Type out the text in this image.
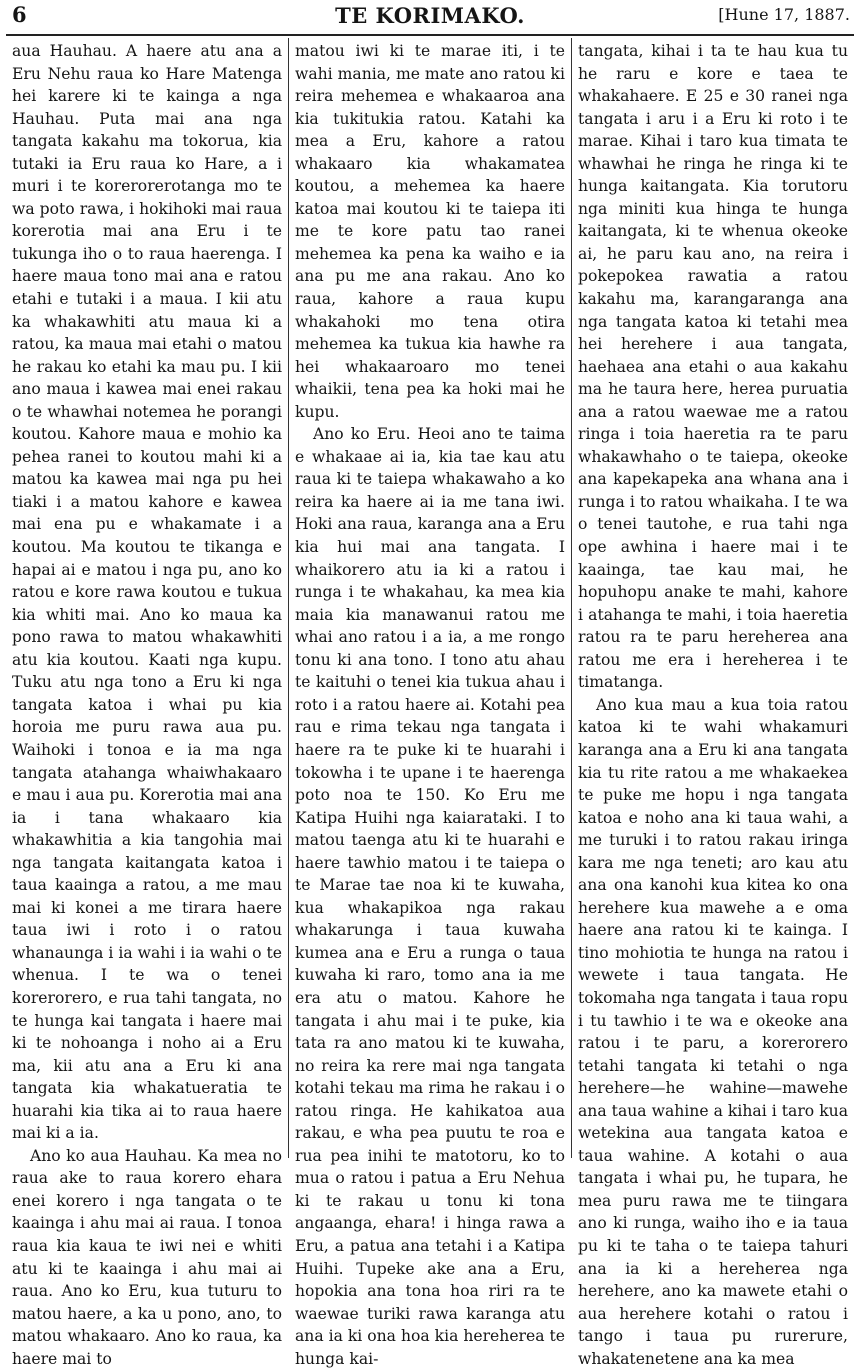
6	TE KORIMAKO.	[Hune 17, 1887.

aua Hauhau. A haere atu ana a Eru Nehu raua ko Hare Matenga hei karere ki te kainga a nga Hauhau. Puta mai ana nga tangata kakahu ma tokorua, kia tutaki ia Eru raua ko Hare, a i muri i te korerorerotanga mo te wa poto rawa, i hokihoki mai raua korerotia mai ana Eru i te tukunga iho o to raua haerenga. I haere maua tono mai ana e ratou etahi e tutaki i a maua. I kii atu ka whakawhiti atu maua ki a ratou, ka maua mai etahi o matou he rakau ko etahi ka mau pu. I kii ano maua i kawea mai enei rakau o te whawhai notemea he porangi koutou. Kahore maua e mohio ka pehea ranei to koutou mahi ki a matou ka kawea mai nga pu hei tiaki i a matou kahore e kawea mai ena pu e whakamate i a koutou. Ma koutou te tikanga e hapai ai e matou i nga pu, ano ko ratou e kore rawa koutou e tukua kia whiti mai. Ano ko maua ka pono rawa to matou whakawhiti atu kia koutou. Kaati nga kupu. Tuku atu nga tono a Eru ki nga tangata katoa i whai pu kia horoia me puru rawa aua pu. Waihoki i tonoa e ia ma nga tangata atahanga whaiwhakaaro e mau i aua pu. Korerotia mai ana ia i tana whakaaro kia whakawhitia a kia tangohia mai nga tangata kaitangata katoa i taua kaainga a ratou, a me mau mai ki konei a me tirara haere taua iwi i roto i o ratou whanaunga i ia wahi i ia wahi o te whenua. I te wa o tenei korerorero, e rua tahi tangata, no te hunga kai tangata i haere mai ki te nohoanga i noho ai a Eru ma, kii atu ana a Eru ki ana tangata kia whakatueratia te huarahi kia tika ai to raua haere mai ki a ia.

Ano ko aua Hauhau. Ka mea no raua ake to raua korero ehara enei korero i nga tangata o te kaainga i ahu mai ai raua. I tonoa raua kia kaua te iwi nei e whiti atu ki te kaainga i ahu mai ai raua. Ano ko Eru, kua tuturu to matou haere, a ka u pono, ano, to matou whakaaro. Ano ko raua, ka haere mai to

matou iwi ki te marae iti, i te wahi mania, me mate ano ratou ki reira mehemea e whakaaroa ana kia tukitukia ratou. Katahi ka mea a Eru, kahore a ratou whakaaro kia whakamatea koutou, a mehemea ka haere katoa mai koutou ki te taiepa iti me te kore patu tao ranei mehemea ka pena ka waiho e ia ana pu me ana rakau. Ano ko raua, kahore a raua kupu whakahoki mo tena otira mehemea ka tukua kia hawhe ra hei whakaaroaro mo tenei whaikii, tena pea ka hoki mai he kupu.

Ano ko Eru. Heoi ano te taima e whakaae ai ia, kia tae kau atu raua ki te taiepa whakawaho a ko reira ka haere ai ia me tana iwi. Hoki ana raua, karanga ana a Eru kia hui mai ana tangata. I whaikorero atu ia ki a ratou i runga i te whakahau, ka mea kia maia kia manawanui ratou me whai ano ratou i a ia, a me rongo tonu ki ana tono. I tono atu ahau te kaituhi o tenei kia tukua ahau i roto i a ratou haere ai. Kotahi pea rau e rima tekau nga tangata i haere ra te puke ki te huarahi i tokowha i te upane i te haerenga poto noa te 150. Ko Eru me Katipa Huihi nga kaiarataki. I to matou taenga atu ki te huarahi e haere tawhio matou i te taiepa o te Marae tae noa ki te kuwaha, kua whakapikoa nga rakau whakarunga i taua kuwaha kumea ana e Eru a runga o taua kuwaha ki raro, tomo ana ia me era atu o matou. Kahore he tangata i ahu mai i te puke, kia tata ra ano matou ki te kuwaha, no reira ka rere mai nga tangata kotahi tekau ma rima he rakau i o ratou ringa. He kahikatoa aua rakau, e wha pea puutu te roa e rua pea inihi te matotoru, ko to mua o ratou i patua a Eru Nehua ki te rakau u tonu ki tona angaanga, ehara! i hinga rawa a Eru, a patua ana tetahi i a Katipa Huihi. Tupeke ake ana a Eru, hopokia ana tona hoa riri ra te waewae turiki rawa karanga atu ana ia ki ona hoa kia hereherea te hunga kai-

tangata, kihai i ta te hau kua tu he raru e kore e taea te whakahaere. E 25 e 30 ranei nga tangata i aru i a Eru ki roto i te marae. Kihai i taro kua timata te whawhai he ringa he ringa ki te hunga kaitangata. Kia torutoru nga miniti kua hinga te hunga kaitangata, ki te whenua okeoke ai, he paru kau ano, na reira i pokepokea rawatia a ratou kakahu ma, karangaranga ana nga tangata katoa ki tetahi mea hei herehere i aua tangata, haehaea ana etahi o aua kakahu ma he taura here, herea puruatia ana a ratou waewae me a ratou ringa i toia haeretia ra te paru whakawhaho o te taiepa, okeoke ana kapekapeka ana whana ana i runga i to ratou whaikaha. I te wa o tenei tautohe, e rua tahi nga ope awhina i haere mai i te kaainga, tae kau mai, he hopuhopu anake te mahi, kahore i atahanga te mahi, i toia haeretia ratou ra te paru hereherea ana ratou me era i hereherea i te timatanga.

Ano kua mau a kua toia ratou katoa ki te wahi whakamuri karanga ana a Eru ki ana tangata kia tu rite ratou a me whakaekea te puke me hopu i nga tangata katoa e noho ana ki taua wahi, a me turuki i to ratou rakau iringa kara me nga teneti; aro kau atu ana ona kanohi kua kitea ko ona herehere kua mawehe a e oma haere ana ratou ki te kainga. I tino mohiotia te hunga na ratou i wewete i taua tangata. He tokomaha nga tangata i taua ropu i tu tawhio i te wa e okeoke ana ratou i te paru, a korerorero tetahi tangata ki tetahi o nga herehere—he wahine—mawehe ana taua wahine a kihai i taro kua wetekina aua tangata katoa e taua wahine. A kotahi o aua tangata i whai pu, he tupara, he mea puru rawa me te tiingara ano ki runga, waiho iho e ia taua pu ki te taha o te taiepa tahuri ana ia ki a hereherea nga herehere, ano ka mawete etahi o aua herehere kotahi o ratou i tango i taua pu rurerure, whakatenetene ana ka mea
